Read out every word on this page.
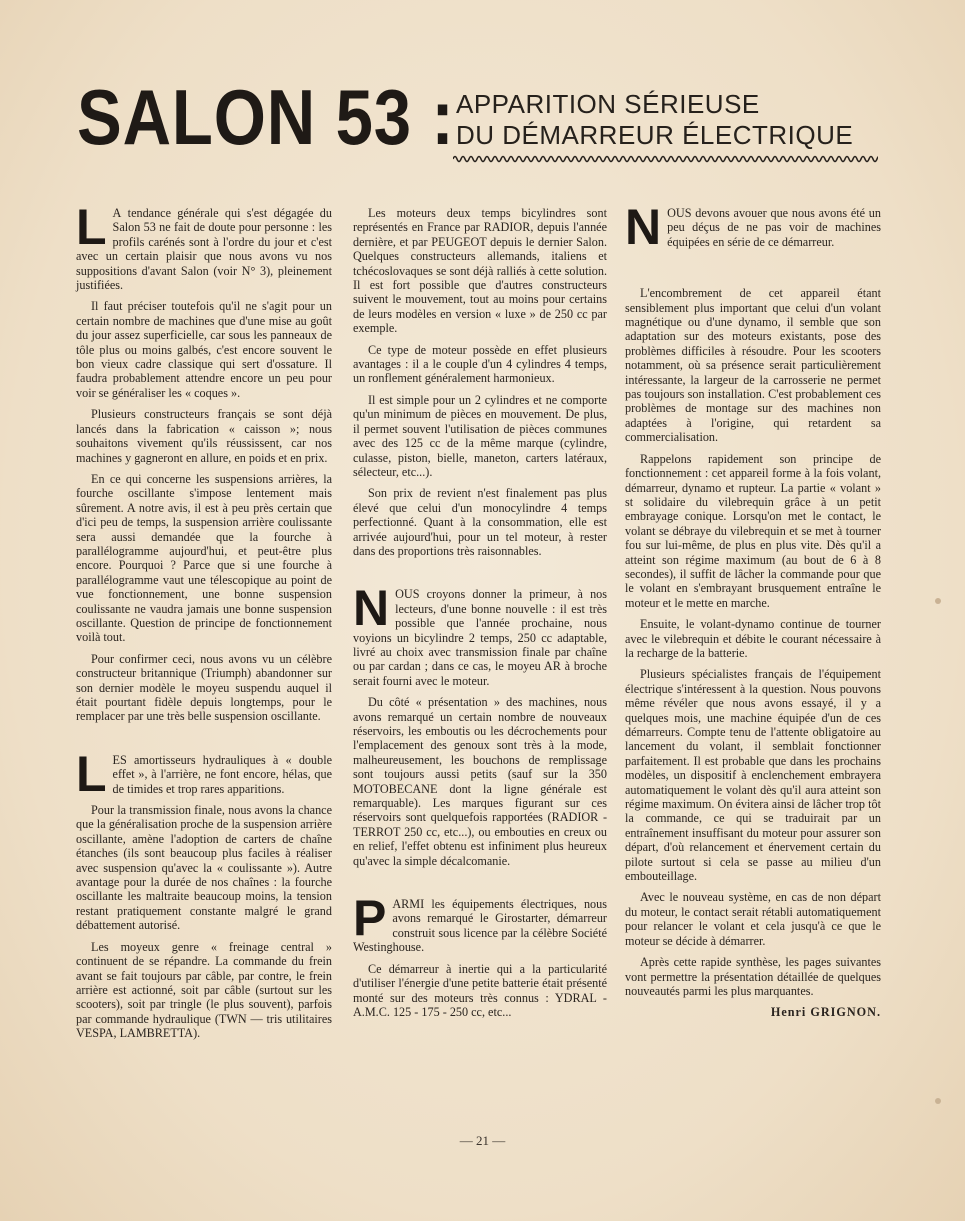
SALON 53 : APPARITION SÉRIEUSE
DU DÉMARREUR ÉLECTRIQUE

L A tendance générale qui s'est dégagée du Salon 53 ne fait de doute pour personne : les profils carénés sont à l'ordre du jour et c'est avec un certain plaisir que nous avons vu nos suppositions d'avant Salon (voir N° 3), pleinement justifiées.

Il faut préciser toutefois qu'il ne s'agit pour un certain nombre de machines que d'une mise au goût du jour assez superficielle, car sous les panneaux de tôle plus ou moins galbés, c'est encore souvent le bon vieux cadre classique qui sert d'ossature. Il faudra probablement attendre encore un peu pour voir se généraliser les « coques ».

Plusieurs constructeurs français se sont déjà lancés dans la fabrication « caisson »; nous souhaitons vivement qu'ils réussissent, car nos machines y gagneront en allure, en poids et en prix.

En ce qui concerne les suspensions arrières, la fourche oscillante s'impose lentement mais sûrement. A notre avis, il est à peu près certain que d'ici peu de temps, la suspension arrière coulissante sera aussi demandée que la fourche à parallélogramme aujourd'hui, et peut-être plus encore. Pourquoi ? Parce que si une fourche à parallélogramme vaut une télescopique au point de vue fonctionnement, une bonne suspension coulissante ne vaudra jamais une bonne suspension oscillante. Question de principe de fonctionnement voilà tout.

Pour confirmer ceci, nous avons vu un célèbre constructeur britannique (Triumph) abandonner sur son dernier modèle le moyeu suspendu auquel il était pourtant fidèle depuis longtemps, pour le remplacer par une très belle suspension oscillante.

LES amortisseurs hydrauliques à « double effet », à l'arrière, ne font encore, hélas, que de timides et trop rares apparitions.

Pour la transmission finale, nous avons la chance que la généralisation proche de la suspension arrière oscillante, amène l'adoption de carters de chaîne étanches (ils sont beaucoup plus faciles à réaliser avec suspension qu'avec la « coulissante »). Autre avantage pour la durée de nos chaînes : la fourche oscillante les maltraite beaucoup moins, la tension restant pratiquement constante malgré le grand débattement autorisé.

Les moyeux genre « freinage central » continuent de se répandre. La commande du frein avant se fait toujours par câble, par contre, le frein arrière est actionné, soit par câble (surtout sur les scooters), soit par tringle (le plus souvent), parfois par commande hydraulique (TWN — tris utilitaires VESPA, LAMBRETTA).

Les moteurs deux temps bicylindres sont représentés en France par RADIOR, depuis l'année dernière, et par PEUGEOT depuis le dernier Salon. Quelques constructeurs allemands, italiens et tchécoslovaques se sont déjà ralliés à cette solution. Il est fort possible que d'autres constructeurs suivent le mouvement, tout au moins pour certains de leurs modèles en version « luxe » de 250 cc par exemple.

Ce type de moteur possède en effet plusieurs avantages : il a le couple d'un 4 cylindres 4 temps, un ronflement généralement harmonieux.

Il est simple pour un 2 cylindres et ne comporte qu'un minimum de pièces en mouvement. De plus, il permet souvent l'utilisation de pièces communes avec des 125 cc de la même marque (cylindre, culasse, piston, bielle, maneton, carters latéraux, sélecteur, etc...).

Son prix de revient n'est finalement pas plus élevé que celui d'un monocylindre 4 temps perfectionné. Quant à la consommation, elle est arrivée aujourd'hui, pour un tel moteur, à rester dans des proportions très raisonnables.

NOUS croyons donner la primeur, à nos lecteurs, d'une bonne nouvelle : il est très possible que l'année prochaine, nous voyions un bicylindre 2 temps, 250 cc adaptable, livré au choix avec transmission finale par chaîne ou par cardan ; dans ce cas, le moyeu AR à broche serait fourni avec le moteur.

Du côté « présentation » des machines, nous avons remarqué un certain nombre de nouveaux réservoirs, les emboutis ou les décrochements pour l'emplacement des genoux sont très à la mode, malheureusement, les bouchons de remplissage sont toujours aussi petits (sauf sur la 350 MOTOBECANE dont la ligne générale est remarquable). Les marques figurant sur ces réservoirs sont quelquefois rapportées (RADIOR - TERROT 250 cc, etc...), ou embouties en creux ou en relief, l'effet obtenu est infiniment plus heureux qu'avec la simple décalcomanie.

PARMI les équipements électriques, nous avons remarqué le Girostarter, démarreur construit sous licence par la célèbre Société Westinghouse.

Ce démarreur à inertie qui a la particularité d'utiliser l'énergie d'une petite batterie était présenté monté sur des moteurs très connus : YDRAL - A.M.C. 125 - 175 - 250 cc, etc...

NOUS devons avouer que nous avons été un peu déçus de ne pas voir de machines équipées en série de ce démarreur.

L'encombrement de cet appareil étant sensiblement plus important que celui d'un volant magnétique ou d'une dynamo, il semble que son adaptation sur des moteurs existants, pose des problèmes difficiles à résoudre. Pour les scooters notamment, où sa présence serait particulièrement intéressante, la largeur de la carrosserie ne permet pas toujours son installation. C'est probablement ces problèmes de montage sur des machines non adaptées à l'origine, qui retardent sa commercialisation.

Rappelons rapidement son principe de fonctionnement : cet appareil forme à la fois volant, démarreur, dynamo et rupteur. La partie « volant » st solidaire du vilebrequin grâce à un petit embrayage conique. Lorsqu'on met le contact, le volant se débraye du vilebrequin et se met à tourner fou sur lui-même, de plus en plus vite. Dès qu'il a atteint son régime maximum (au bout de 6 à 8 secondes), il suffit de lâcher la commande pour que le volant en s'embrayant brusquement entraîne le moteur et le mette en marche.

Ensuite, le volant-dynamo continue de tourner avec le vilebrequin et débite le courant nécessaire à la recharge de la batterie.

Plusieurs spécialistes français de l'équipement électrique s'intéressent à la question. Nous pouvons même révéler que nous avons essayé, il y a quelques mois, une machine équipée d'un de ces démarreurs. Compte tenu de l'attente obligatoire au lancement du volant, il semblait fonctionner parfaitement. Il est probable que dans les prochains modèles, un dispositif à enclenchement embrayera automatiquement le volant dès qu'il aura atteint son régime maximum. On évitera ainsi de lâcher trop tôt la commande, ce qui se traduirait par un entraînement insuffisant du moteur pour assurer son départ, d'où relancement et énervement certain du pilote surtout si cela se passe au milieu d'un embouteillage.

Avec le nouveau système, en cas de non départ du moteur, le contact serait rétabli automatiquement pour relancer le volant et cela jusqu'à ce que le moteur se décide à démarrer.

Après cette rapide synthèse, les pages suivantes vont permettre la présentation détaillée de quelques nouveautés parmi les plus marquantes.

Henri GRIGNON.
— 21 —
